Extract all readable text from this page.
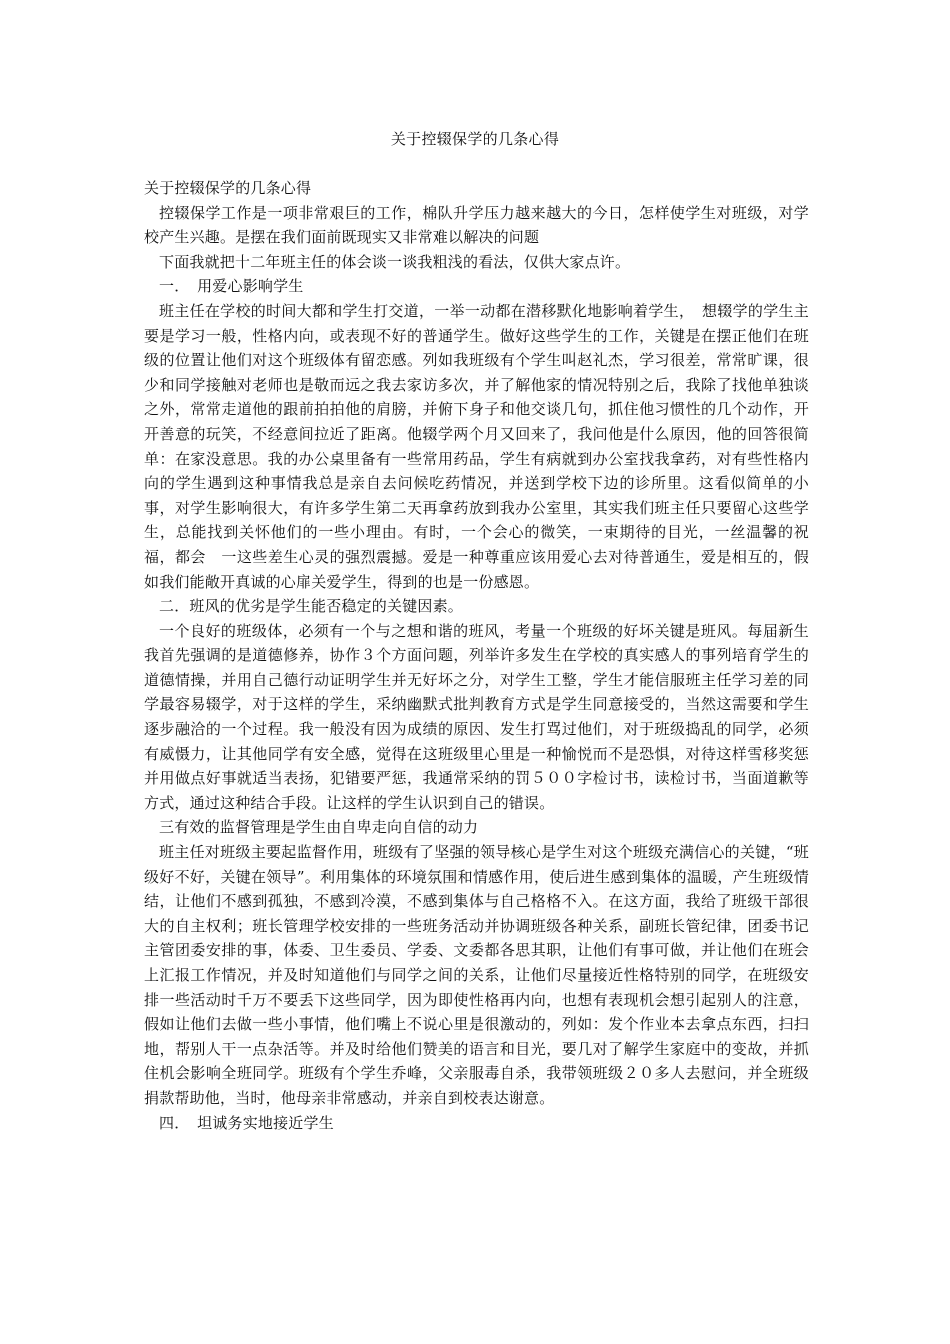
关于控辍保学的几条心得

关于控辍保学的几条心得

控辍保学工作是一项非常艰巨的工作，棉队升学压力越来越大的今日，怎样使学生对班级，对学校产生兴趣。是摆在我们面前既现实又非常难以解决的问题

下面我就把十二年班主任的体会谈一谈我粗浅的看法，仅供大家点许。

一．　用爱心影响学生

班主任在学校的时间大都和学生打交道，一举一动都在潜移默化地影响着学生，　想辍学的学生主要是学习一般，性格内向，或表现不好的普通学生。做好这些学生的工作，关键是在摆正他们在班级的位置让他们对这个班级体有留恋感。列如我班级有个学生叫赵礼杰，学习很差，常常旷课，很少和同学接触对老师也是敬而远之我去家访多次，并了解他家的情况特别之后，我除了找他单独谈之外，常常走道他的跟前拍拍他的肩膀，并俯下身子和他交谈几句，抓住他习惯性的几个动作，开开善意的玩笑，不经意间拉近了距离。他辍学两个月又回来了，我问他是什么原因，他的回答很简单：在家没意思。我的办公桌里备有一些常用药品，学生有病就到办公室找我拿药，对有些性格内向的学生遇到这种事情我总是亲自去问候吃药情况，并送到学校下边的诊所里。这看似简单的小事，对学生影响很大，有许多学生第二天再拿药放到我办公室里，其实我们班主任只要留心这些学生，总能找到关怀他们的一些小理由。有时，一个会心的微笑，一束期待的目光，一丝温馨的祝福，都会　一这些差生心灵的强烈震撼。爱是一种尊重应该用爱心去对待普通生，爱是相互的，假如我们能敞开真诚的心扉关爱学生，得到的也是一份感恩。

二．班风的优劣是学生能否稳定的关键因素。

一个良好的班级体，必须有一个与之想和谐的班风，考量一个班级的好坏关键是班风。每届新生我首先强调的是道德修养，协作３个方面问题，列举许多发生在学校的真实感人的事列培育学生的道德情操，并用自己德行动证明学生并无好坏之分，对学生工整，学生才能信服班主任学习差的同学最容易辍学，对于这样的学生，采纳幽默式批判教育方式是学生同意接受的，当然这需要和学生逐步融洽的一个过程。我一般没有因为成绩的原因、发生打骂过他们，对于班级捣乱的同学，必须有威慑力，让其他同学有安全感，觉得在这班级里心里是一种愉悦而不是恐惧，对待这样雪移奖惩并用做点好事就适当表扬，犯错要严惩，我通常采纳的罚５００字检讨书，读检讨书，当面道歉等方式，通过这种结合手段。让这样的学生认识到自己的错误。

三有效的监督管理是学生由自卑走向自信的动力

班主任对班级主要起监督作用，班级有了坚强的领导核心是学生对这个班级充满信心的关键，“班级好不好，关键在领导”。利用集体的环境氛围和情感作用，使后进生感到集体的温暖，产生班级情结，让他们不感到孤独，不感到冷漠，不感到集体与自己格格不入。在这方面，我给了班级干部很大的自主权利；班长管理学校安排的一些班务活动并协调班级各种关系，副班长管纪律，团委书记主管团委安排的事，体委、卫生委员、学委、文委都各思其职，让他们有事可做，并让他们在班会上汇报工作情况，并及时知道他们与同学之间的关系，让他们尽量接近性格特别的同学，在班级安排一些活动时千万不要丢下这些同学，因为即使性格再内向，也想有表现机会想引起别人的注意，假如让他们去做一些小事情，他们嘴上不说心里是很激动的，列如：发个作业本去拿点东西，扫扫地，帮别人干一点杂活等。并及时给他们赞美的语言和目光，要几对了解学生家庭中的变故，并抓住机会影响全班同学。班级有个学生乔峰，父亲服毒自杀，我带领班级２０多人去慰问，并全班级捐款帮助他，当时，他母亲非常感动，并亲自到校表达谢意。

四．　坦诚务实地接近学生
